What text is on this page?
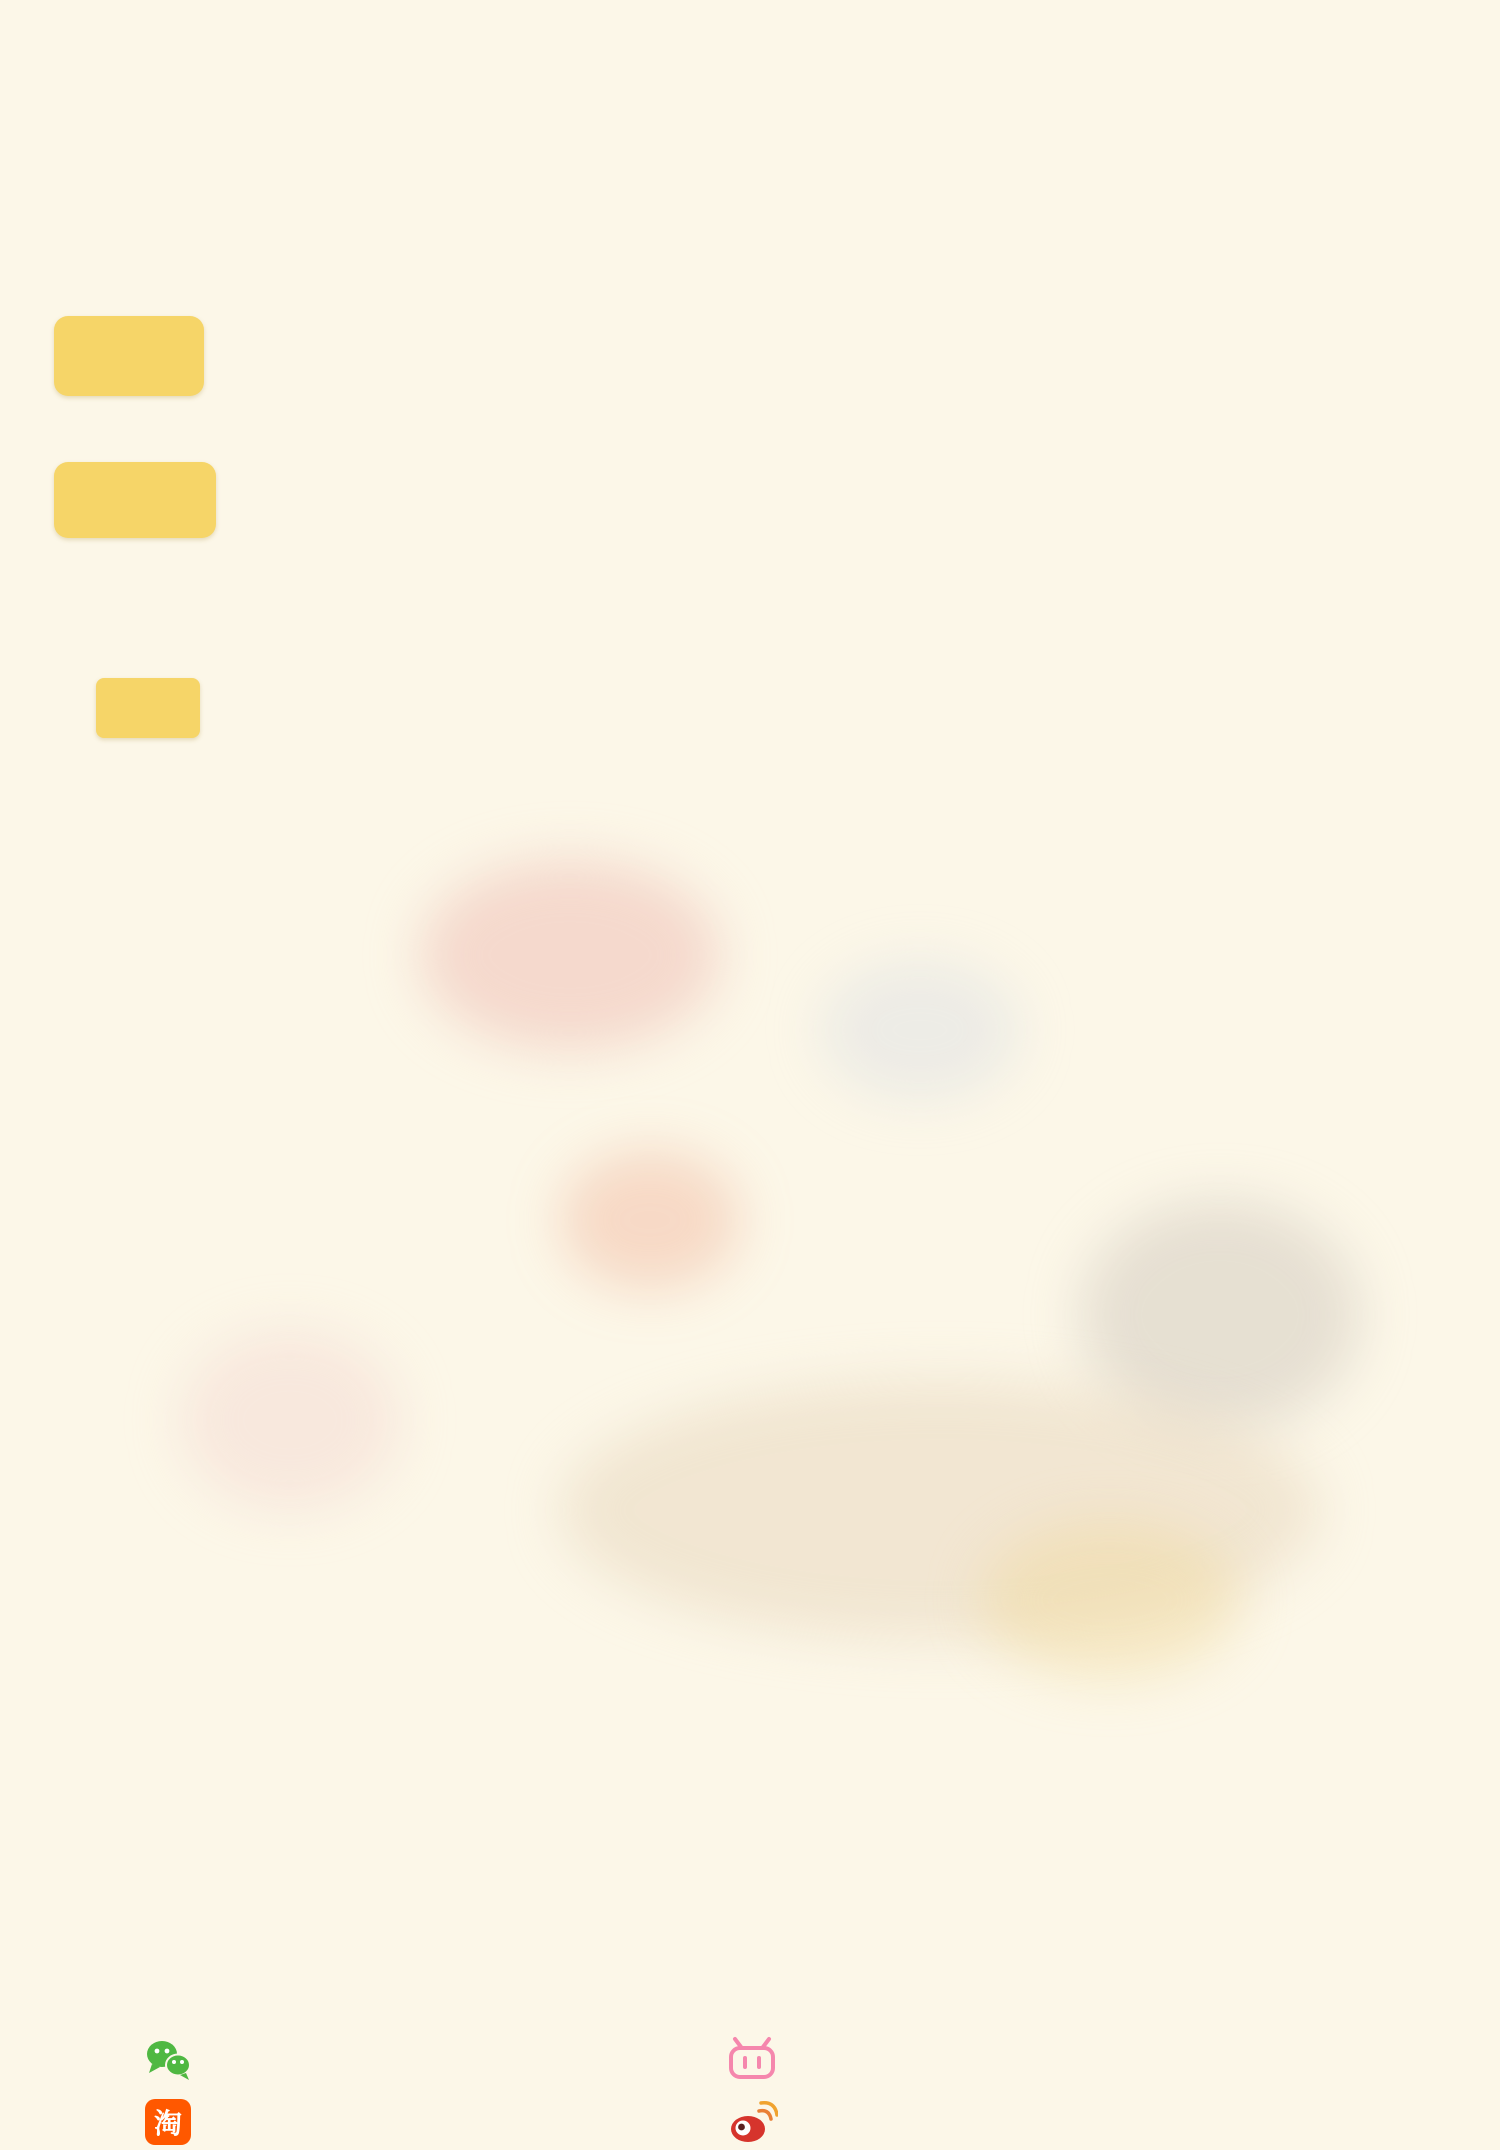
淘
